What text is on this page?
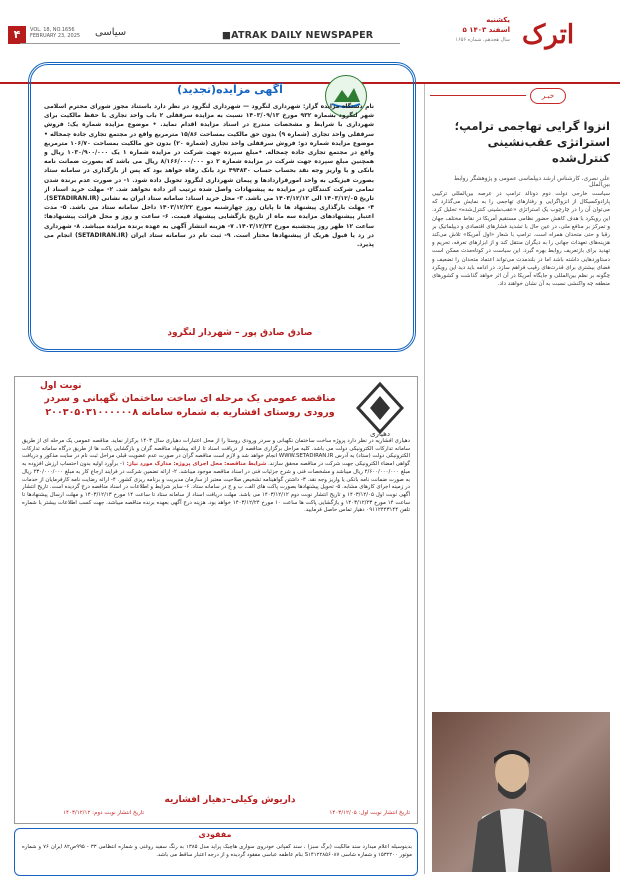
۴	VOL. 18, NO.1656
FEBRUARY 23, 2025	سیاسی	■ATRAK DAILY NEWSPAPER
یکشنبه
۵ اسفند ۱۴۰۳
سال هجدهم، شماره ۱۶۵۶ اترک
خبـر
انزوا گرایی تهاجمی ترامپ؛ استراتژی عقب‌نشینی کنترل‌شده
علی نصری، کارشناس ارشد دیپلماسی عمومی و پژوهشگر روابط بین‌الملل
سیاست خارجی دولت دوم دونالد ترامپ در عرصه بین‌المللی ترکیبی پارادوکسیکال از انزواگرایی و رفتارهای تهاجمی را به نمایش می‌گذارد که می‌توان آن را در چارچوب یک استراتژی «عقب‌نشینی کنترل‌شده» تحلیل کرد. این رویکرد با هدف کاهش حضور نظامی مستقیم آمریکا در نقاط مختلف جهان و تمرکز بر منافع ملی، در عین حال با تشدید فشارهای اقتصادی و دیپلماتیک بر رقبا و حتی متحدان همراه است. ترامپ با شعار «اول آمریکا» تلاش می‌کند هزینه‌های تعهدات جهانی را به دیگران منتقل کند و از ابزارهای تعرفه، تحریم و تهدید برای بازتعریف روابط بهره گیرد. این سیاست در کوتاه‌مدت ممکن است دستاوردهایی داشته باشد اما در بلندمدت می‌تواند اعتماد متحدان را تضعیف و فضای بیشتری برای قدرت‌های رقیب فراهم سازد. در ادامه باید دید این رویکرد چگونه بر نظم بین‌المللی و جایگاه آمریکا در آن اثر خواهد گذاشت و کشورهای منطقه چه واکنشی نسبت به آن نشان خواهند داد.
آگهی مزایده(تجدید)
نام دستگاه مزایده گزار: شهرداری لنگرود — شهرداری لنگرود در نظر دارد باستناد مجوز شورای محترم اسلامی شهر لنگرود بشماره ۹۳۲ مورخ ۱۴۰۳/۰۹/۱۳ نسبت به مزایده سرقفلی ۲ باب واحد تجاری با حفظ مالکیت برای شهرداری با شرایط و مشخصات مندرج در اسناد مزایده اقدام نماید. • موضوع مزایده شماره یک: فروش سرقفلی واحد تجاری (شماره ۹) بدون حق مالکیت بمساحت ۱۵/۸۶ مترمربع واقع در مجتمع تجاری جاده چمخاله • موضوع مزایده شماره دو: فروش سرقفلی واحد تجاری (شماره ۲۰) بدون حق مالکیت بمساحت ۱۰۶/۷۰ مترمربع واقع در مجتمع تجاری جاده چمخاله. •مبلغ سپرده جهت شرکت در مزایده شماره ۱ یک ۱۰۳۰/۹۰۰/۰۰۰ ریال و همچنین مبلغ سپرده جهت شرکت در مزایده شماره ۲ دو ۸/۱۶۶/۰۰۰/۰۰۰ ریال می باشد که بصورت ضمانت نامه بانکی و یا واریز وجه نقد بحساب حساب ۴۹۴۸۳۰ نزد بانک رفاه خواهد بود که پس از بارگذاری در سامانه ستاد بصورت فیزیکی به واحد امورقراردادها و پیمان شهرداری لنگرود تحویل داده شود. ۱- در صورت عدم برنده شدن تمامی شرکت کنندگان در مزایده به پیشنهادات واصل شده ترتیب اثر داده نخواهد شد. ۲- مهلت خرید اسناد از تاریخ ۱۴۰۳/۱۲/۰۵ الی ۱۴۰۳/۱۲/۱۲ می باشد. ۳- محل خرید اسناد: سامانه ستاد ایران به نشانی (SETADIRAN.IR). ۴- مهلت بارگذاری پیشنهاد ها تا پایان روز چهارشنبه مورخ ۱۴۰۳/۱۲/۲۲ داخل سامانه ستاد می باشد. ۵- مدت اعتبار پیشنهادهای مزایده سه ماه از تاریخ بازگشایی پیشنهاد قیمت. ۶- ساعت و روز و محل قرائت پیشنهادها: ساعت ۱۲ ظهر روز پنجشنبه مورخ ۱۴۰۳/۱۲/۲۳. ۷- هزینه انتشار آگهی به عهده برنده مزایده میباشد. ۸- شهرداری در رد یا قبول هریک از پیشنهادها مختار است. ۹- ثبت نام در سامانه ستاد ایران (SETADIRAN.IR) انجام می پذیرد.
صادق صادق پور – شهردار لنگرود
دهیاری
نوبت اول
مناقصه عمومی یک مرحله ای ساخت ساختمان نگهبانی و سردر ورودی روستای افشاریه به شماره سامانه ۲۰۰۳۰۵۰۳۱۰۰۰۰۰۰۸
دهیاری افشاریه در نظر دارد پروژه ساخت ساختمان نگهبانی و سردر ورودی روستا را از محل اعتبارات دهیاری سال ۱۴۰۳ برگزار نماید. مناقصه عمومی یک مرحله ای از طریق سامانه تدارکات الکترونیکی دولت می باشد. کلیه مراحل برگزاری مناقصه از دریافت اسناد تا ارائه پیشنهاد مناقصه گران و بازگشایی پاکت ها از طریق درگاه سامانه تدارکات الکترونیکی دولت (ستاد) به آدرس WWW.SETADIRAN.IR انجام خواهد شد و لازم است مناقصه گران در صورت عدم عضویت قبلی مراحل ثبت نام در سایت مذکور و دریافت گواهی امضاء الکترونیکی جهت شرکت در مناقصه محقق سازند. شرایط مناقصه: محل اجرای پروژه: مدارک مورد نیاز: ۱- برآورد اولیه بدون احتساب ارزش افزوده به مبلغ ۴/۶۰۰/۰۰۰/۰۰۰ ریال میباشد و مشخصات فنی و شرح جزئیات فنی در اسناد مناقصه موجود میباشد. ۲- ارائه تضمین شرکت در فرایند ارجاع کار به مبلغ ۲۳۰/۰۰۰/۰۰۰ ریال به صورت ضمانت نامه بانکی یا واریز وجه نقد. ۳- داشتن گواهینامه تشخیص صلاحیت معتبر از سازمان مدیریت و برنامه ریزی کشور. ۴- ارائه رضایت نامه کارفرمایان از خدمات در زمینه اجرای کارهای مشابه. ۵- تحویل پیشنهادها بصورت پاکت های الف، ب و ج در سامانه ستاد. ۶- سایر شرایط و اطلاعات در اسناد مناقصه درج گردیده است. تاریخ انتشار آگهی نوبت اول ۱۴۰۳/۱۲/۰۵ و تاریخ انتشار نوبت دوم ۱۴۰۳/۱۲/۱۲ می باشد. مهلت دریافت اسناد از سامانه ستاد تا ساعت ۱۴ مورخ ۱۴۰۳/۱۲/۱۳ و مهلت ارسال پیشنهادها تا ساعت ۱۴ مورخ ۱۴۰۳/۱۲/۲۳ و بازگشایی پاکت ها ساعت ۱۰ مورخ ۱۴۰۳/۱۲/۲۴ خواهد بود. هزینه درج آگهی بعهده برنده مناقصه میباشد. جهت کسب اطلاعات بیشتر با شماره تلفن ۰۹۱۱۲۴۴۳۱۴۴ دهیار تماس حاصل فرمایید.
داریوش وکیلی–دهیار افشاریه
تاریخ انتشار نوبت اول: ۱۴۰۳/۱۲/۰۵
تاریخ انتشار نوبت دوم: ۱۴۰۳/۱۲/۱۲
مفقودی
بدینوسیله اعلام میدارد سند مالکیت (برگ سبز) ، سند کمپانی خودروی سواری هاچبک پراید مدل ۱۳۸۵ به رنگ سفید روغنی و شماره انتظامی ۳۳ - ۹۹۵ص۸۲ ایران ۷۶ و شماره موتور ۱۵۳۲۲۰۰ و شماره شاسی S۱۴۱۲۲۸۵۶۰۸۷ بنام عاطفه عباسی مفقود گردیده و از درجه اعتبار ساقط می باشد.
